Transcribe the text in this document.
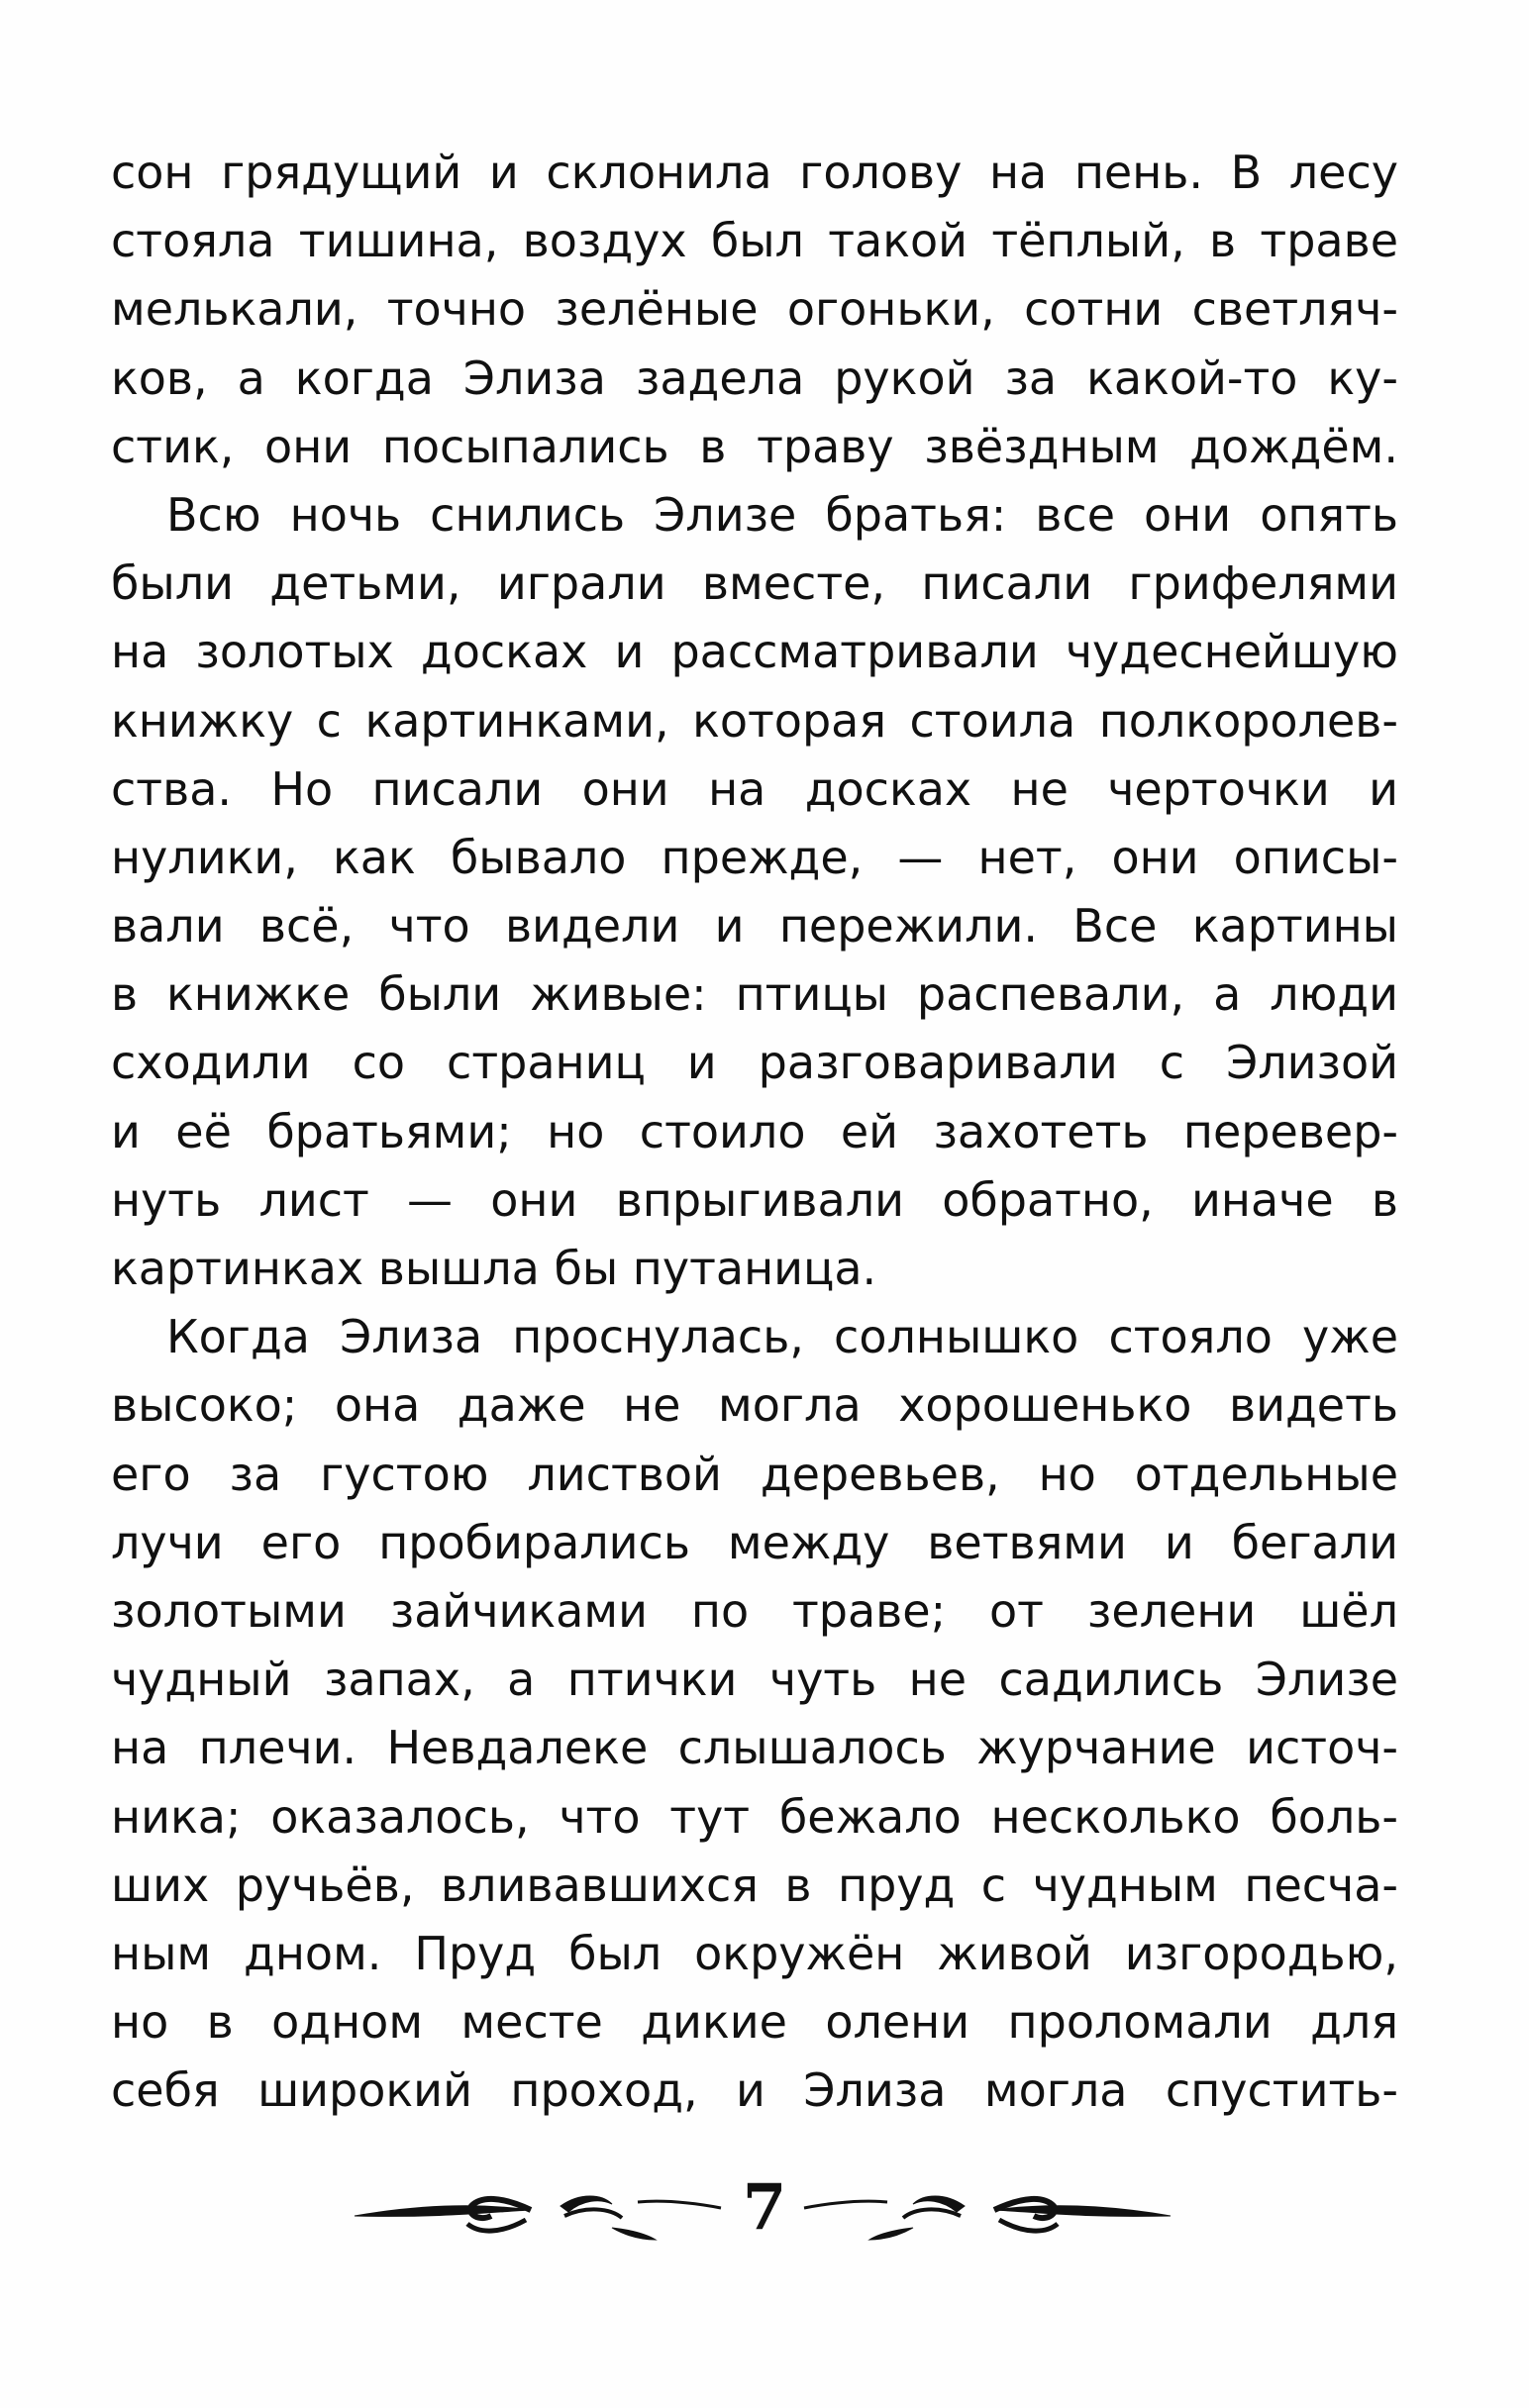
сон грядущий и склонила голову на пень. В лесу
стояла тишина, воздух был такой тёплый, в траве
мелькали, точно зелёные огоньки, сотни светляч-
ков, а когда Элиза задела рукой за какой-то ку-
стик, они посыпались в траву звёздным дождём.
Всю ночь снились Элизе братья: все они опять
были детьми, играли вместе, писали грифелями
на золотых досках и рассматривали чудеснейшую
книжку с картинками, которая стоила полкоролев-
ства. Но писали они на досках не черточки и
нулики, как бывало прежде, — нет, они описы-
вали всё, что видели и пережили. Все картины
в книжке были живые: птицы распевали, а люди
сходили со страниц и разговаривали с Элизой
и её братьями; но стоило ей захотеть перевер-
нуть лист — они впрыгивали обратно, иначе в
картинках вышла бы путаница.
Когда Элиза проснулась, солнышко стояло уже
высоко; она даже не могла хорошенько видеть
его за густою листвой деревьев, но отдельные
лучи его пробирались между ветвями и бегали
золотыми зайчиками по траве; от зелени шёл
чудный запах, а птички чуть не садились Элизе
на плечи. Невдалеке слышалось журчание источ-
ника; оказалось, что тут бежало несколько боль-
ших ручьёв, вливавшихся в пруд с чудным песча-
ным дном. Пруд был окружён живой изгородью,
но в одном месте дикие олени проломали для
себя широкий проход, и Элиза могла спустить-
7
